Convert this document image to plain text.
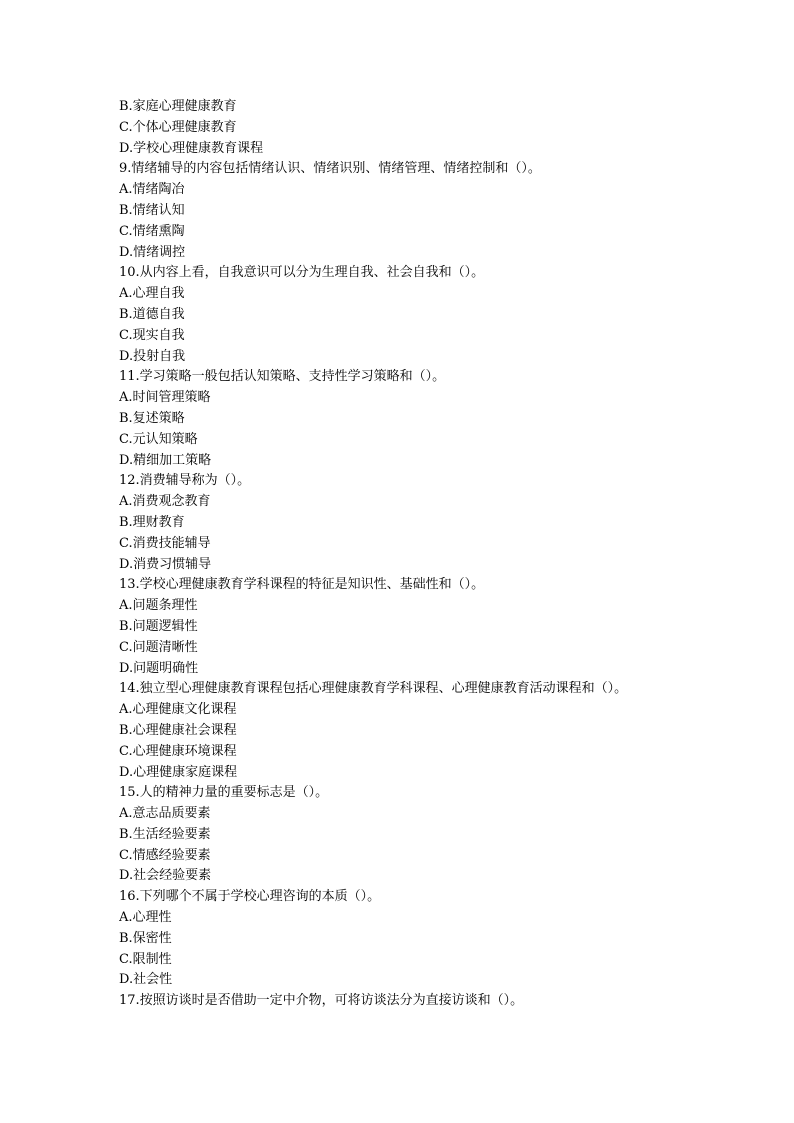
B.家庭心理健康教育
C.个体心理健康教育
D.学校心理健康教育课程
9.情绪辅导的内容包括情绪认识、情绪识别、情绪管理、情绪控制和（）。
A.情绪陶冶
B.情绪认知
C.情绪熏陶
D.情绪调控
10.从内容上看，自我意识可以分为生理自我、社会自我和（）。
A.心理自我
B.道德自我
C.现实自我
D.投射自我
11.学习策略一般包括认知策略、支持性学习策略和（）。
A.时间管理策略
B.复述策略
C.元认知策略
D.精细加工策略
12.消费辅导称为（）。
A.消费观念教育
B.理财教育
C.消费技能辅导
D.消费习惯辅导
13.学校心理健康教育学科课程的特征是知识性、基础性和（）。
A.问题条理性
B.问题逻辑性
C.问题清晰性
D.问题明确性
14.独立型心理健康教育课程包括心理健康教育学科课程、心理健康教育活动课程和（）。
A.心理健康文化课程
B.心理健康社会课程
C.心理健康环境课程
D.心理健康家庭课程
15.人的精神力量的重要标志是（）。
A.意志品质要素
B.生活经验要素
C.情感经验要素
D.社会经验要素
16.下列哪个不属于学校心理咨询的本质（）。
A.心理性
B.保密性
C.限制性
D.社会性
17.按照访谈时是否借助一定中介物，可将访谈法分为直接访谈和（）。
